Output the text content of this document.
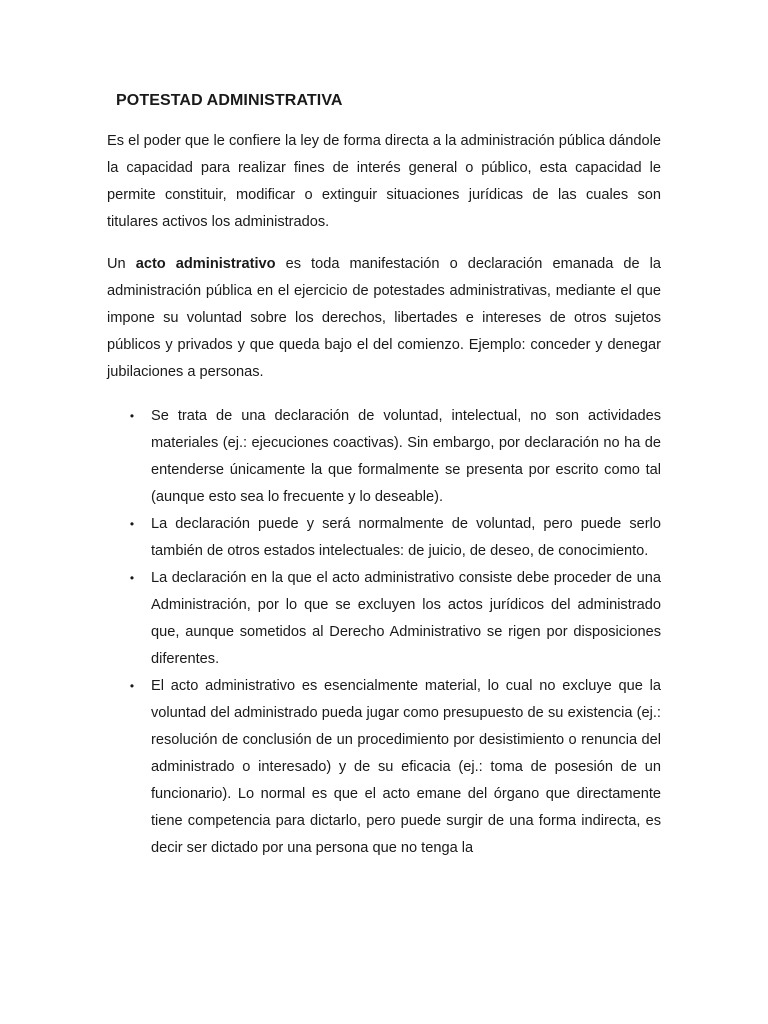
POTESTAD ADMINISTRATIVA

Es el poder que le confiere la ley de forma directa a la administración pública dándole la capacidad para realizar fines de interés general o público, esta capacidad le permite constituir, modificar o extinguir situaciones jurídicas de las cuales son titulares activos los administrados.

Un acto administrativo es toda manifestación o declaración emanada de la administración pública en el ejercicio de potestades administrativas, mediante el que impone su voluntad sobre los derechos, libertades e intereses de otros sujetos públicos y privados y que queda bajo el del comienzo. Ejemplo: conceder y denegar jubilaciones a personas.

• Se trata de una declaración de voluntad, intelectual, no son actividades materiales (ej.: ejecuciones coactivas). Sin embargo, por declaración no ha de entenderse únicamente la que formalmente se presenta por escrito como tal (aunque esto sea lo frecuente y lo deseable).
• La declaración puede y será normalmente de voluntad, pero puede serlo también de otros estados intelectuales: de juicio, de deseo, de conocimiento.
• La declaración en la que el acto administrativo consiste debe proceder de una Administración, por lo que se excluyen los actos jurídicos del administrado que, aunque sometidos al Derecho Administrativo se rigen por disposiciones diferentes.
• El acto administrativo es esencialmente material, lo cual no excluye que la voluntad del administrado pueda jugar como presupuesto de su existencia (ej.: resolución de conclusión de un procedimiento por desistimiento o renuncia del administrado o interesado) y de su eficacia (ej.: toma de posesión de un funcionario). Lo normal es que el acto emane del órgano que directamente tiene competencia para dictarlo, pero puede surgir de una forma indirecta, es decir ser dictado por una persona que no tenga la
